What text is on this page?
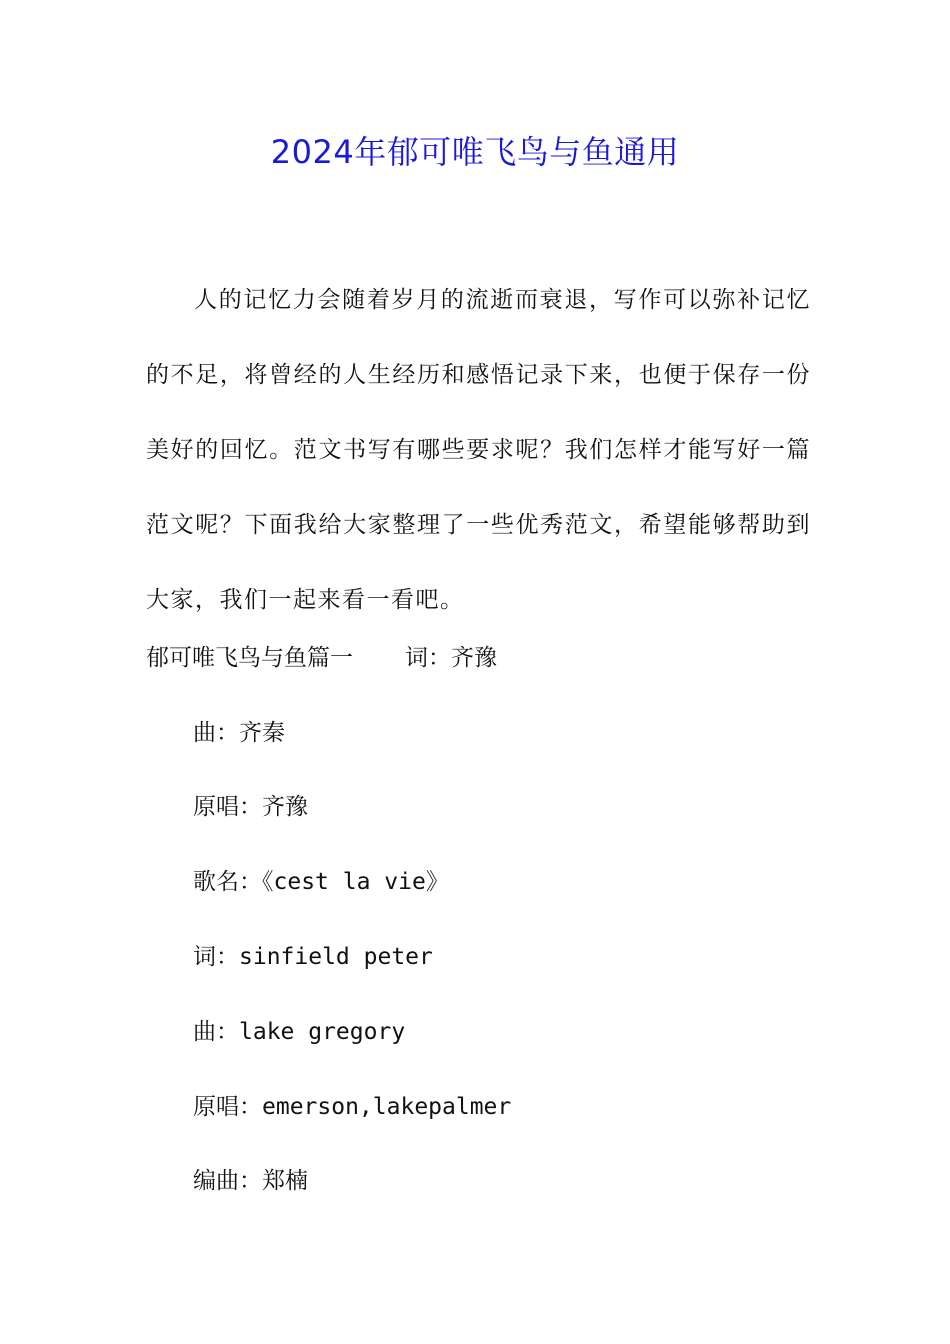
2024年郁可唯飞鸟与鱼通用

人的记忆力会随着岁月的流逝而衰退，写作可以弥补记忆的不足，将曾经的人生经历和感悟记录下来，也便于保存一份美好的回忆。范文书写有哪些要求呢？我们怎样才能写好一篇范文呢？下面我给大家整理了一些优秀范文，希望能够帮助到大家，我们一起来看一看吧。

郁可唯飞鸟与鱼篇一 词：齐豫

曲：齐秦

原唱：齐豫

歌名：《cest la vie》

词：sinfield peter

曲：lake gregory

原唱：emerson,lakepalmer

编曲：郑楠
